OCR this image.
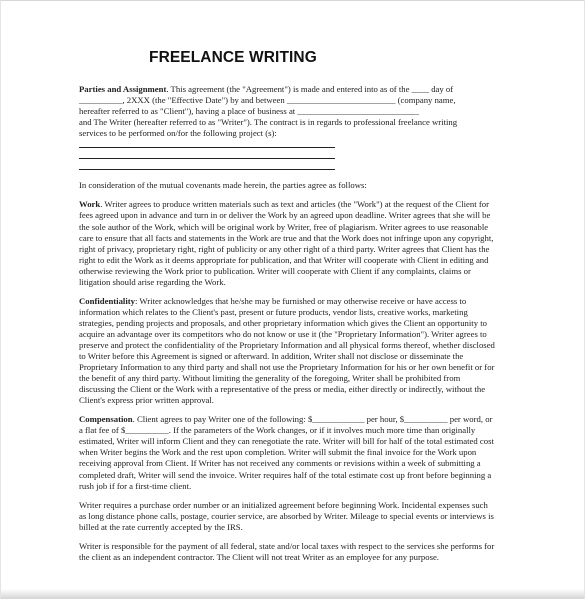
FREELANCE WRITING
Parties and Assignment. This agreement (the "Agreement") is made and entered into as of the ____ day of
__________, 2XXX (the "Effective Date") by and between _________________________ (company name,
hereafter referred to as "Client"), having a place of business at ____________________________
and The Writer (hereafter referred to as "Writer"). The contract is in regards to professional freelance writing
services to be performed on/for the following project (s):
In consideration of the mutual covenants made herein, the parties agree as follows:
Work. Writer agrees to produce written materials such as text and articles (the "Work") at the request of the Client for
fees agreed upon in advance and turn in or deliver the Work by an agreed upon deadline. Writer agrees that she will be
the sole author of the Work, which will be original work by Writer, free of plagiarism. Writer agrees to use reasonable
care to ensure that all facts and statements in the Work are true and that the Work does not infringe upon any copyright,
right of privacy, proprietary right, right of publicity or any other right of a third party. Writer agrees that Client has the
right to edit the Work as it deems appropriate for publication, and that Writer will cooperate with Client in editing and
otherwise reviewing the Work prior to publication. Writer will cooperate with Client if any complaints, claims or
litigation should arise regarding the Work.
Confidentiality: Writer acknowledges that he/she may be furnished or may otherwise receive or have access to
information which relates to the Client's past, present or future products, vendor lists, creative works, marketing
strategies, pending projects and proposals, and other proprietary information which gives the Client an opportunity to
acquire an advantage over its competitors who do not know or use it (the "Proprietary Information"). Writer agrees to
preserve and protect the confidentiality of the Proprietary Information and all physical forms thereof, whether disclosed
to Writer before this Agreement is signed or afterward. In addition, Writer shall not disclose or disseminate the
Proprietary Information to any third party and shall not use the Proprietary Information for his or her own benefit or for
the benefit of any third party. Without limiting the generality of the foregoing, Writer shall be prohibited from
discussing the Client or the Work with a representative of the press or media, either directly or indirectly, without the
Client's express prior written approval.
Compensation. Client agrees to pay Writer one of the following: $____________ per hour, $__________ per word, or
a flat fee of $__________. If the parameters of the Work changes, or if it involves much more time than originally
estimated, Writer will inform Client and they can renegotiate the rate. Writer will bill for half of the total estimated cost
when Writer begins the Work and the rest upon completion. Writer will submit the final invoice for the Work upon
receiving approval from Client. If Writer has not received any comments or revisions within a week of submitting a
completed draft, Writer will send the invoice. Writer requires half of the total estimate cost up front before beginning a
rush job if for a first-time client.
Writer requires a purchase order number or an initialized agreement before beginning Work. Incidental expenses such
as long distance phone calls, postage, courier service, are absorbed by Writer. Mileage to special events or interviews is
billed at the rate currently accepted by the IRS.
Writer is responsible for the payment of all federal, state and/or local taxes with respect to the services she performs for
the client as an independent contractor. The Client will not treat Writer as an employee for any purpose.
